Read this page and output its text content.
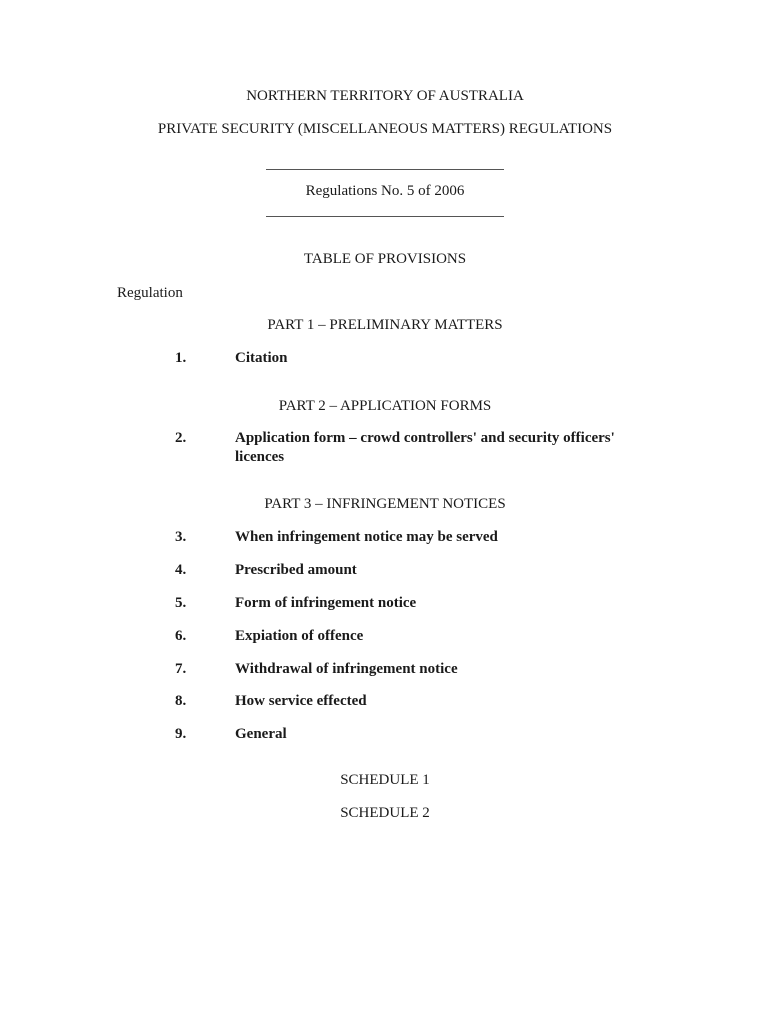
NORTHERN TERRITORY OF AUSTRALIA
PRIVATE SECURITY (MISCELLANEOUS MATTERS) REGULATIONS
Regulations No. 5 of 2006
TABLE OF PROVISIONS
Regulation
PART 1 – PRELIMINARY MATTERS
1.	Citation
PART 2 – APPLICATION FORMS
2.	Application form – crowd controllers' and security officers'
licences
PART 3 – INFRINGEMENT NOTICES
3.	When infringement notice may be served
4.	Prescribed amount
5.	Form of infringement notice
6.	Expiation of offence
7.	Withdrawal of infringement notice
8.	How service effected
9.	General
SCHEDULE 1
SCHEDULE 2
